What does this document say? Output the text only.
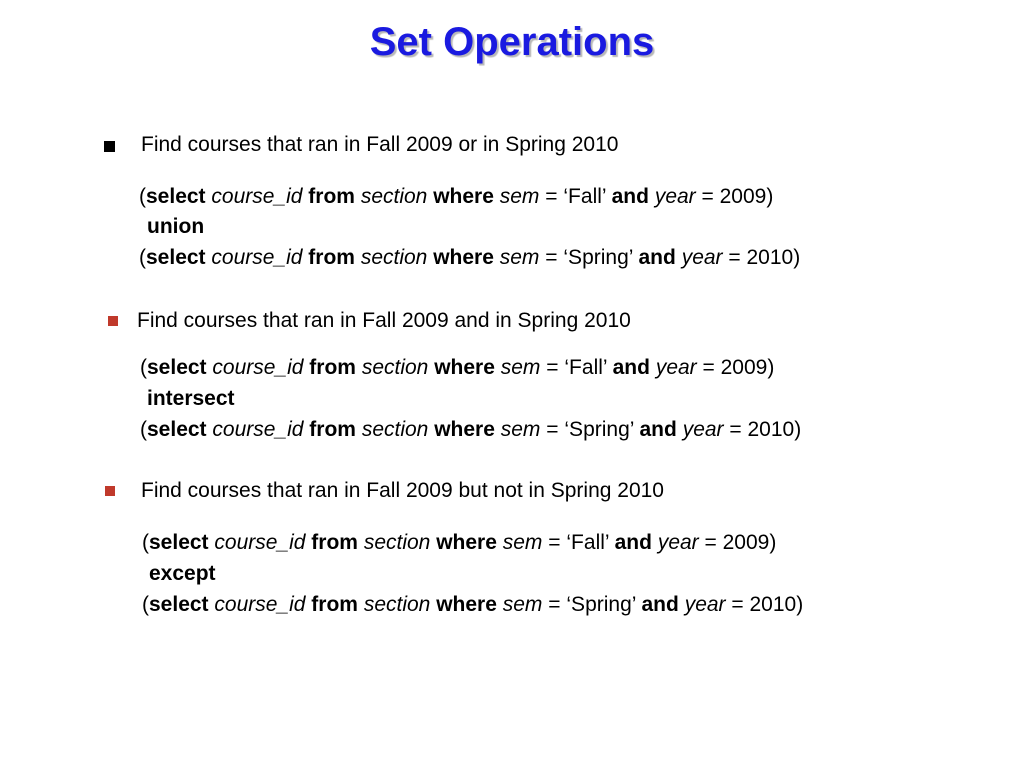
Set Operations
Find courses that ran in Fall 2009 or in Spring 2010
(select course_id from section where sem = ‘Fall’ and year = 2009)
union
(select course_id from section where sem = ‘Spring’ and year = 2010)
Find courses that ran in Fall 2009 and in Spring 2010
(select course_id from section where sem = ‘Fall’ and year = 2009)
intersect
(select course_id from section where sem = ‘Spring’ and year = 2010)
Find courses that ran in Fall 2009 but not in Spring 2010
(select course_id from section where sem = ‘Fall’ and year = 2009)
except
(select course_id from section where sem = ‘Spring’ and year = 2010)
